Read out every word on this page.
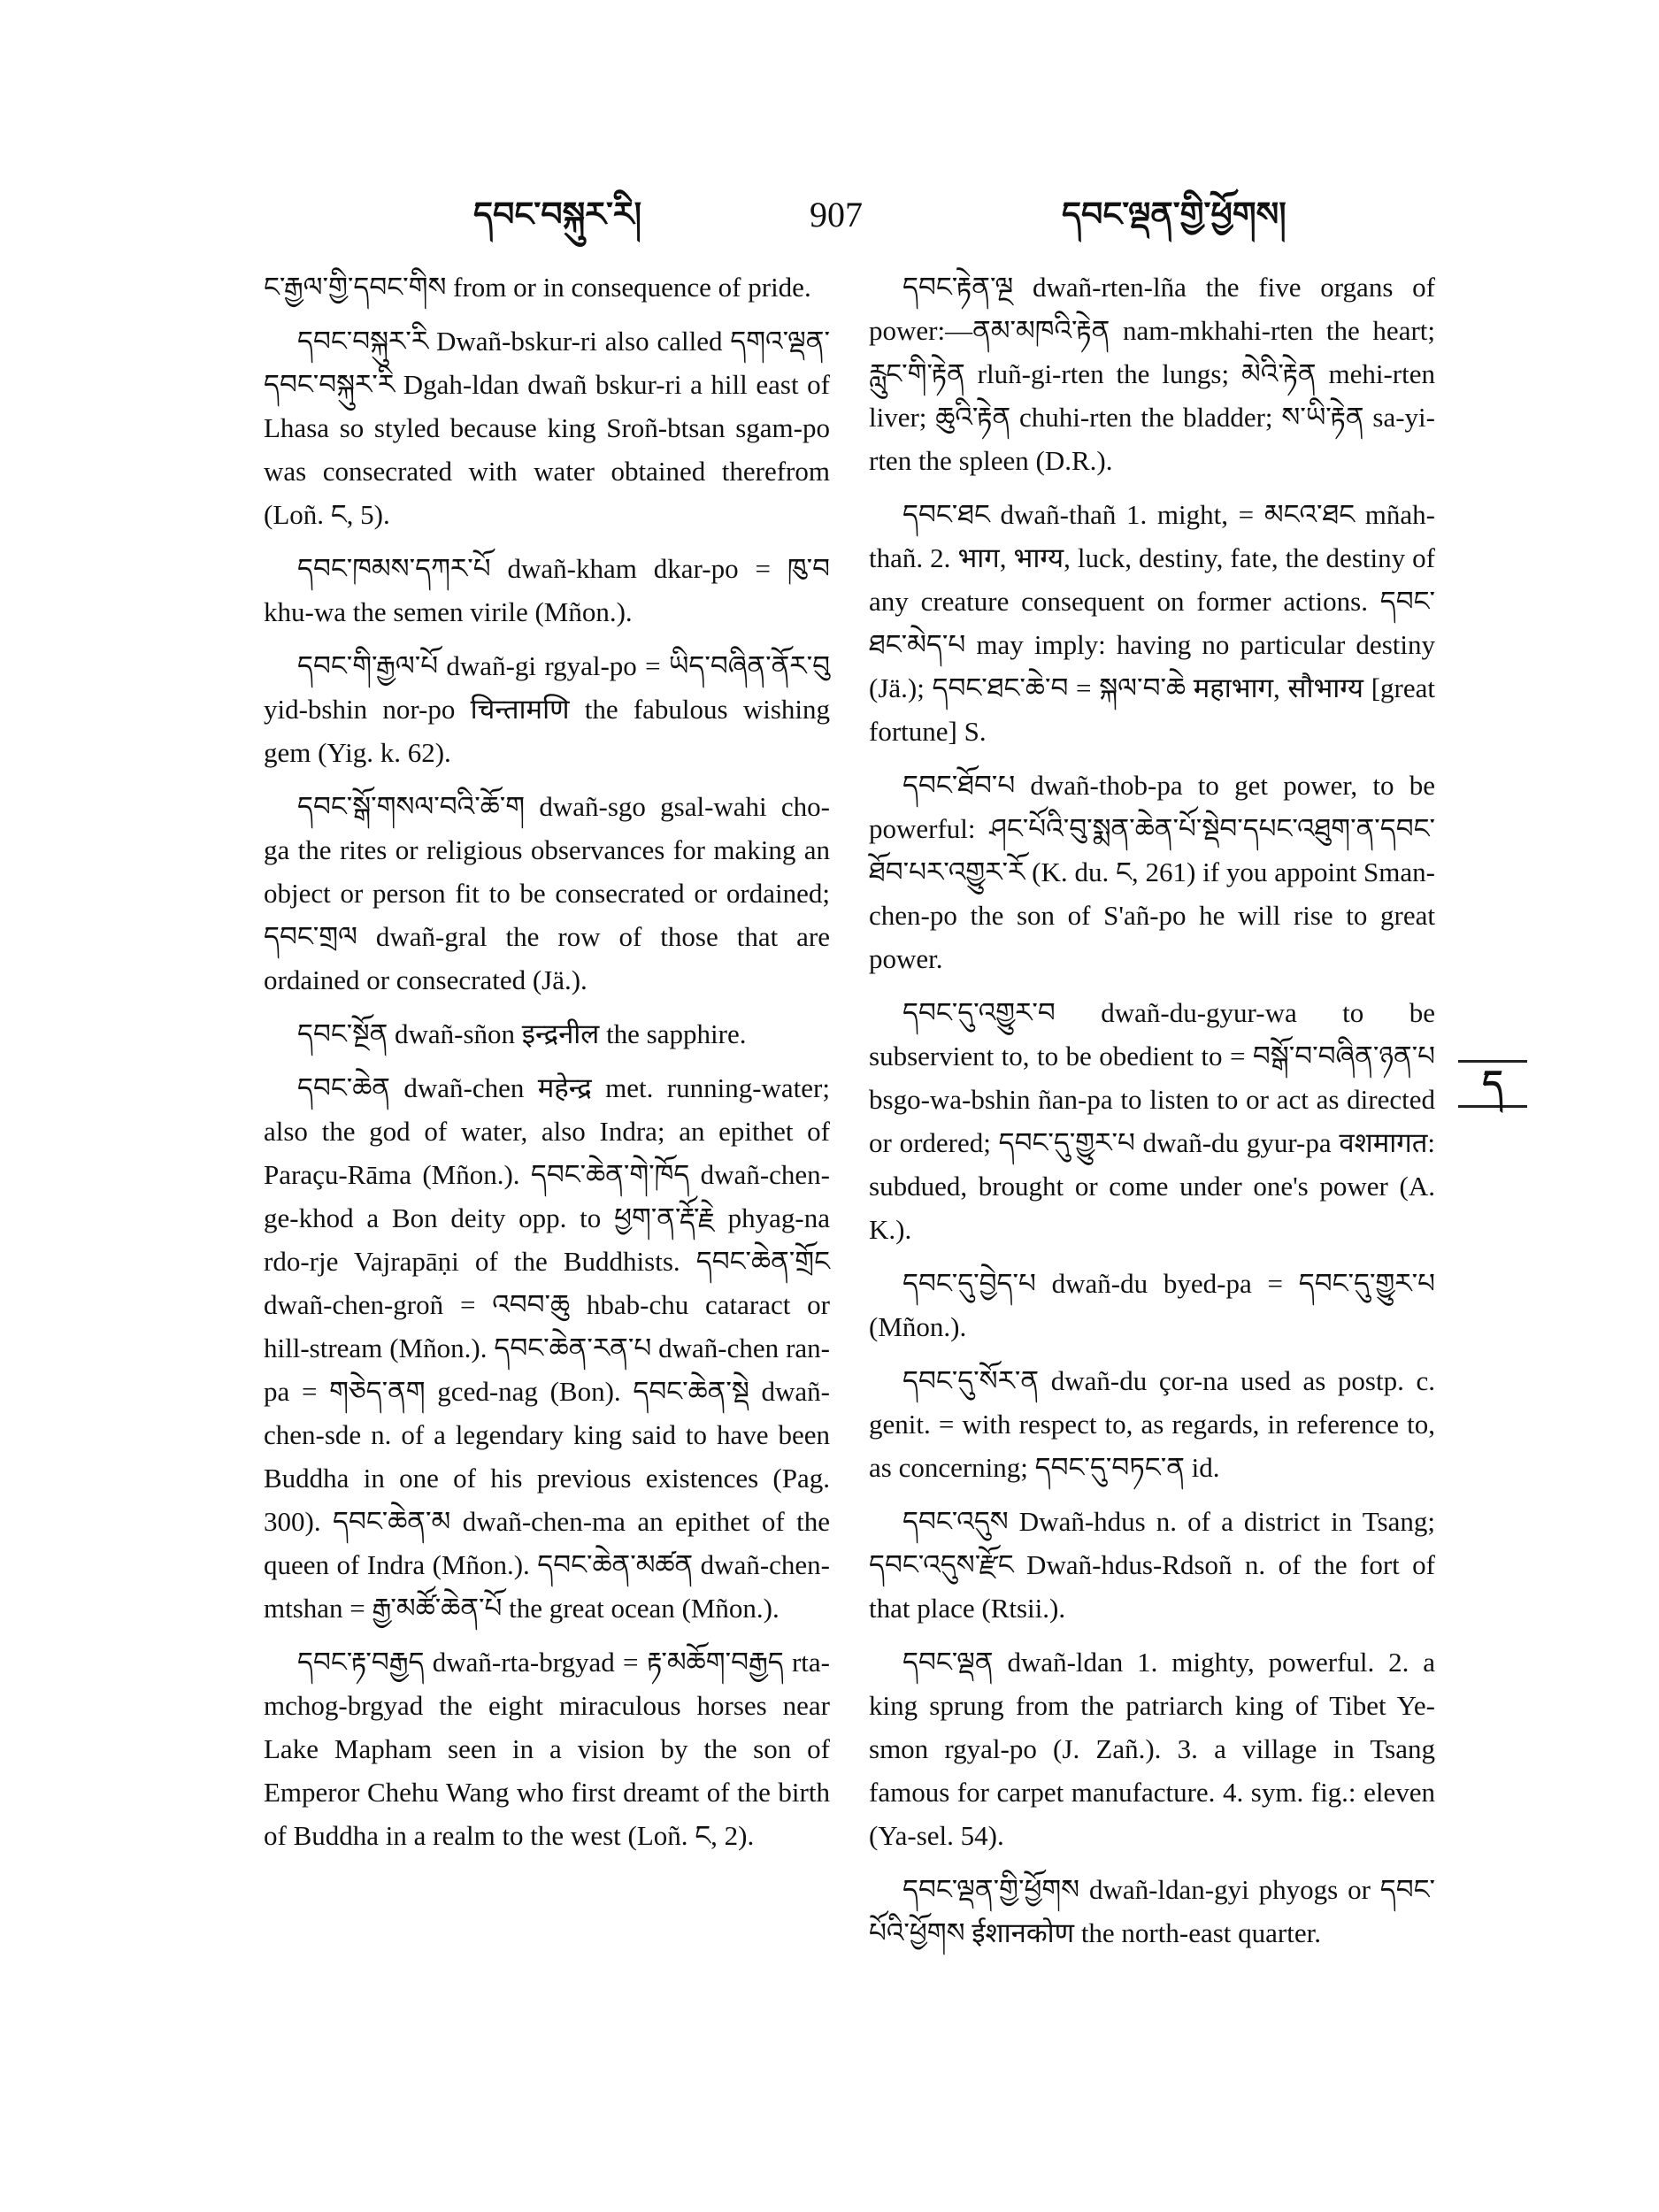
དབང་བསྐུར་རི།	907	དབང་ལྡན་གྱི་ཕྱོགས།

ང་རྒྱལ་གྱི་དབང་གིས from or in consequence of pride.

དབང་བསྐུར་རི Dwañ-bskur-ri also called དགའ་ལྡན་དབང་བསྐུར་རི Dgah-ldan dwañ bskur-ri a hill east of Lhasa so styled because king Sroñ-btsan sgam-po was consecrated with water obtained therefrom (Loñ. ང, 5).

དབང་ཁམས་དཀར་པོ dwañ-kham dkar-po = ཁུ་བ khu-wa the semen virile (Mñon.).

དབང་གི་རྒྱལ་པོ dwañ-gi rgyal-po = ཡིད་བཞིན་ནོར་བུ yid-bshin nor-po चिन्तामणि the fabulous wishing gem (Yig. k. 62).

དབང་སྒོ་གསལ་བའི་ཆོ་ག dwañ-sgo gsal-wahi cho-ga the rites or religious observances for making an object or person fit to be consecrated or ordained; དབང་གྲལ dwañ-gral the row of those that are ordained or consecrated (Jä.).

དབང་སྔོན dwañ-sñon इन्द्रनील the sapphire.

དབང་ཆེན dwañ-chen महेन्द्र met. running-water; also the god of water, also Indra; an epithet of Paraçu-Rāma (Mñon.). དབང་ཆེན་གེ་ཁོད dwañ-chen-ge-khod a Bon deity opp. to ཕྱག་ན་རྡོ་རྗེ phyag-na rdo-rje Vajrapāṇi of the Buddhists. དབང་ཆེན་གྲོང dwañ-chen-groñ = འབབ་ཆུ hbab-chu cataract or hill-stream (Mñon.). དབང་ཆེན་རན་པ dwañ-chen ran-pa = གཅེད་ནག gced-nag (Bon). དབང་ཆེན་སྡེ dwañ-chen-sde n. of a legendary king said to have been Buddha in one of his previous existences (Pag. 300). དབང་ཆེན་མ dwañ-chen-ma an epithet of the queen of Indra (Mñon.). དབང་ཆེན་མཚན dwañ-chen-mtshan = རྒྱ་མཚོ་ཆེན་པོ the great ocean (Mñon.).

དབང་རྟ་བརྒྱད dwañ-rta-brgyad = རྟ་མཆོག་བརྒྱད rta-mchog-brgyad the eight miraculous horses near Lake Mapham seen in a vision by the son of Emperor Chehu Wang who first dreamt of the birth of Buddha in a realm to the west (Loñ. ང, 2).

དབང་རྟེན་ལྔ dwañ-rten-lña the five organs of power:—ནམ་མཁའི་རྟེན nam-mkhahi-rten the heart; རླུང་གི་རྟེན rluñ-gi-rten the lungs; མེའི་རྟེན mehi-rten liver; ཆུའི་རྟེན chuhi-rten the bladder; ས་ཡི་རྟེན sa-yi-rten the spleen (D.R.).

དབང་ཐང dwañ-thañ 1. might, = མངའ་ཐང mñah-thañ. 2. भाग, भाग्य, luck, destiny, fate, the destiny of any creature consequent on former actions. དབང་ཐང་མེད་པ may imply: having no particular destiny (Jä.); དབང་ཐང་ཆེ་བ = སྐལ་བ་ཆེ महाभाग, सौभाग्य [great fortune] S.

དབང་ཐོབ་པ dwañ-thob-pa to get power, to be powerful: ཤང་པོའི་བུ་སྨན་ཆེན་པོ་སྡེབ་དཔང་འཐུག་ན་དབང་ཐོབ་པར་འགྱུར་རོ (K. du. ང, 261) if you appoint Sman-chen-po the son of S'añ-po he will rise to great power.

དབང་དུ་འགྱུར་བ dwañ-du-gyur-wa to be subservient to, to be obedient to = བསྒོ་བ་བཞིན་ཉན་པ bsgo-wa-bshin ñan-pa to listen to or act as directed or ordered; དབང་དུ་གྱུར་པ dwañ-du gyur-pa वशमागत: subdued, brought or come under one's power (A. K.).

དབང་དུ་བྱེད་པ dwañ-du byed-pa = དབང་དུ་གྱུར་པ (Mñon.).

དབང་དུ་སོར་ན dwañ-du çor-na used as postp. c. genit. = with respect to, as regards, in reference to, as concerning; དབང་དུ་བཏང་ན id.

དབང་འདུས Dwañ-hdus n. of a district in Tsang; དབང་འདུས་རྫོང Dwañ-hdus-Rdsoñ n. of the fort of that place (Rtsii.).

དབང་ལྡན dwañ-ldan 1. mighty, powerful. 2. a king sprung from the patriarch king of Tibet Ye-smon rgyal-po (J. Zañ.). 3. a village in Tsang famous for carpet manufacture. 4. sym. fig.: eleven (Ya-sel. 54).

དབང་ལྡན་གྱི་ཕྱོགས dwañ-ldan-gyi phyogs or དབང་པོའི་ཕྱོགས ईशानकोण the north-east quarter.

ད
